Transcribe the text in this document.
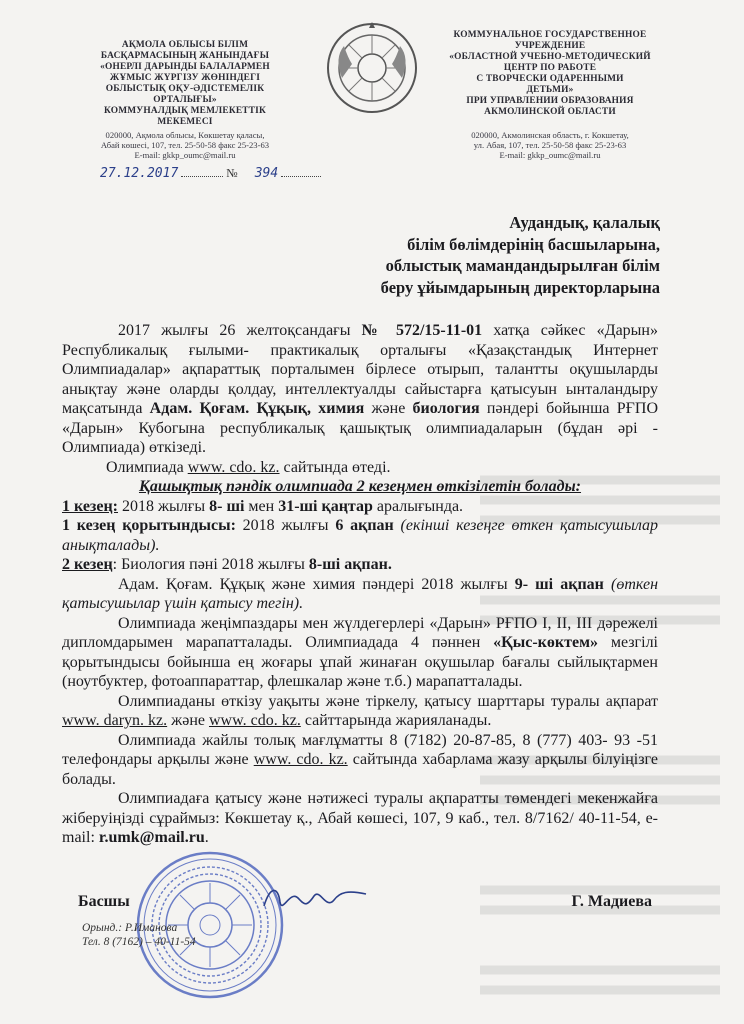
АҚМОЛА ОБЛЫСЫ БІЛІМ
БАСҚАРМАСЫНЫҢ ЖАНЫНДАҒЫ
«ОНЕРЛІ ДАРЫНДЫ БАЛАЛАРМЕН
ЖҰМЫС ЖҮРГІЗУ ЖӨНІНДЕГІ
ОБЛЫСТЫҚ ОҚУ-ӘДІСТЕМЕЛІК
ОРТАЛЫҒЫ»
КОММУНАЛДЫҚ МЕМЛЕКЕТТІК
МЕКЕМЕСІ
020000, Ақмола облысы, Көкшетау қаласы,
Абай көшесі, 107, тел. 25-50-58 факс 25-23-63
E-mail: gkkp_oumc@mail.ru
КОММУНАЛЬНОЕ ГОСУДАРСТВЕННОЕ
УЧРЕЖДЕНИЕ
«ОБЛАСТНОЙ УЧЕБНО-МЕТОДИЧЕСКИЙ
ЦЕНТР ПО РАБОТЕ
С ТВОРЧЕСКИ ОДАРЕННЫМИ
ДЕТЬМИ»
ПРИ УПРАВЛЕНИИ ОБРАЗОВАНИЯ
АКМОЛИНСКОЙ ОБЛАСТИ
020000, Акмолинская область, г. Кокшетау,
ул. Абая, 107, тел. 25-50-58 факс 25-23-63
E-mail: gkkp_oumc@mail.ru
27.12.2017	№ 394
Аудандық, қалалық
білім бөлімдерінің басшыларына,
облыстық мамандандырылған білім
беру ұйымдарының директорларына

2017 жылғы 26 желтоқсандағы № 572/15-11-01 хатқа сәйкес «Дарын» Республикалық ғылыми- практикалық орталығы «Қазақстандық Интернет Олимпиадалар» ақпараттық порталымен бірлесе отырып, талантты оқушыларды анықтау және оларды қолдау, интеллектуалды сайыстарға қатысуын ынталандыру мақсатында Адам. Қоғам. Құқық, химия және биология пәндері бойынша РҒПО «Дарын» Кубогына республикалық қашықтық олимпиадаларын (бұдан әрі - Олимпиада) өткізеді.

Олимпиада www. cdo. kz. сайтында өтеді.

Қашықтық пәндік олимпиада 2 кезеңмен өткізілетін болады:

1 кезең: 2018 жылғы 8- ші мен 31-ші қаңтар аралығында.

1 кезең қорытындысы: 2018 жылғы 6 ақпан (екінші кезеңге өткен қатысушылар анықталады).

2 кезең: Биология пәні 2018 жылғы 8-ші ақпан.

Адам. Қоғам. Құқық және химия пәндері 2018 жылғы 9- ші ақпан (өткен қатысушылар үшін қатысу тегін).

Олимпиада жеңімпаздары мен жүлдегерлері «Дарын» РҒПО І, ІІ, ІІІ дәрежелі дипломдарымен марапатталады. Олимпиадада 4 пәннен «Қыс-көктем» мезгілі қорытындысы бойынша ең жоғары ұпай жинаған оқушылар бағалы сыйлықтармен (ноутбуктер, фотоаппараттар, флешкалар және т.б.) марапатталады.

Олимпиаданы өткізу уақыты және тіркелу, қатысу шарттары туралы ақпарат www. daryn. kz. және www. cdo. kz. сайттарында жарияланады.

Олимпиада жайлы толық мағлұматты 8 (7182) 20-87-85, 8 (777) 403- 93 -51 телефондары арқылы және www. cdo. kz. сайтында хабарлама жазу арқылы білуіңізге болады.

Олимпиадаға қатысу және нәтижесі туралы ақпаратты төмендегі мекенжайға жіберуіңізді сұраймыз: Көкшетау қ., Абай көшесі, 107, 9 каб., тел. 8/7162/ 40-11-54, e-mail: r.umk@mail.ru.

Басшы	Г. Мадиева
Орынд.: Р.Иманова
Тел. 8 (7162) – 40-11-54
